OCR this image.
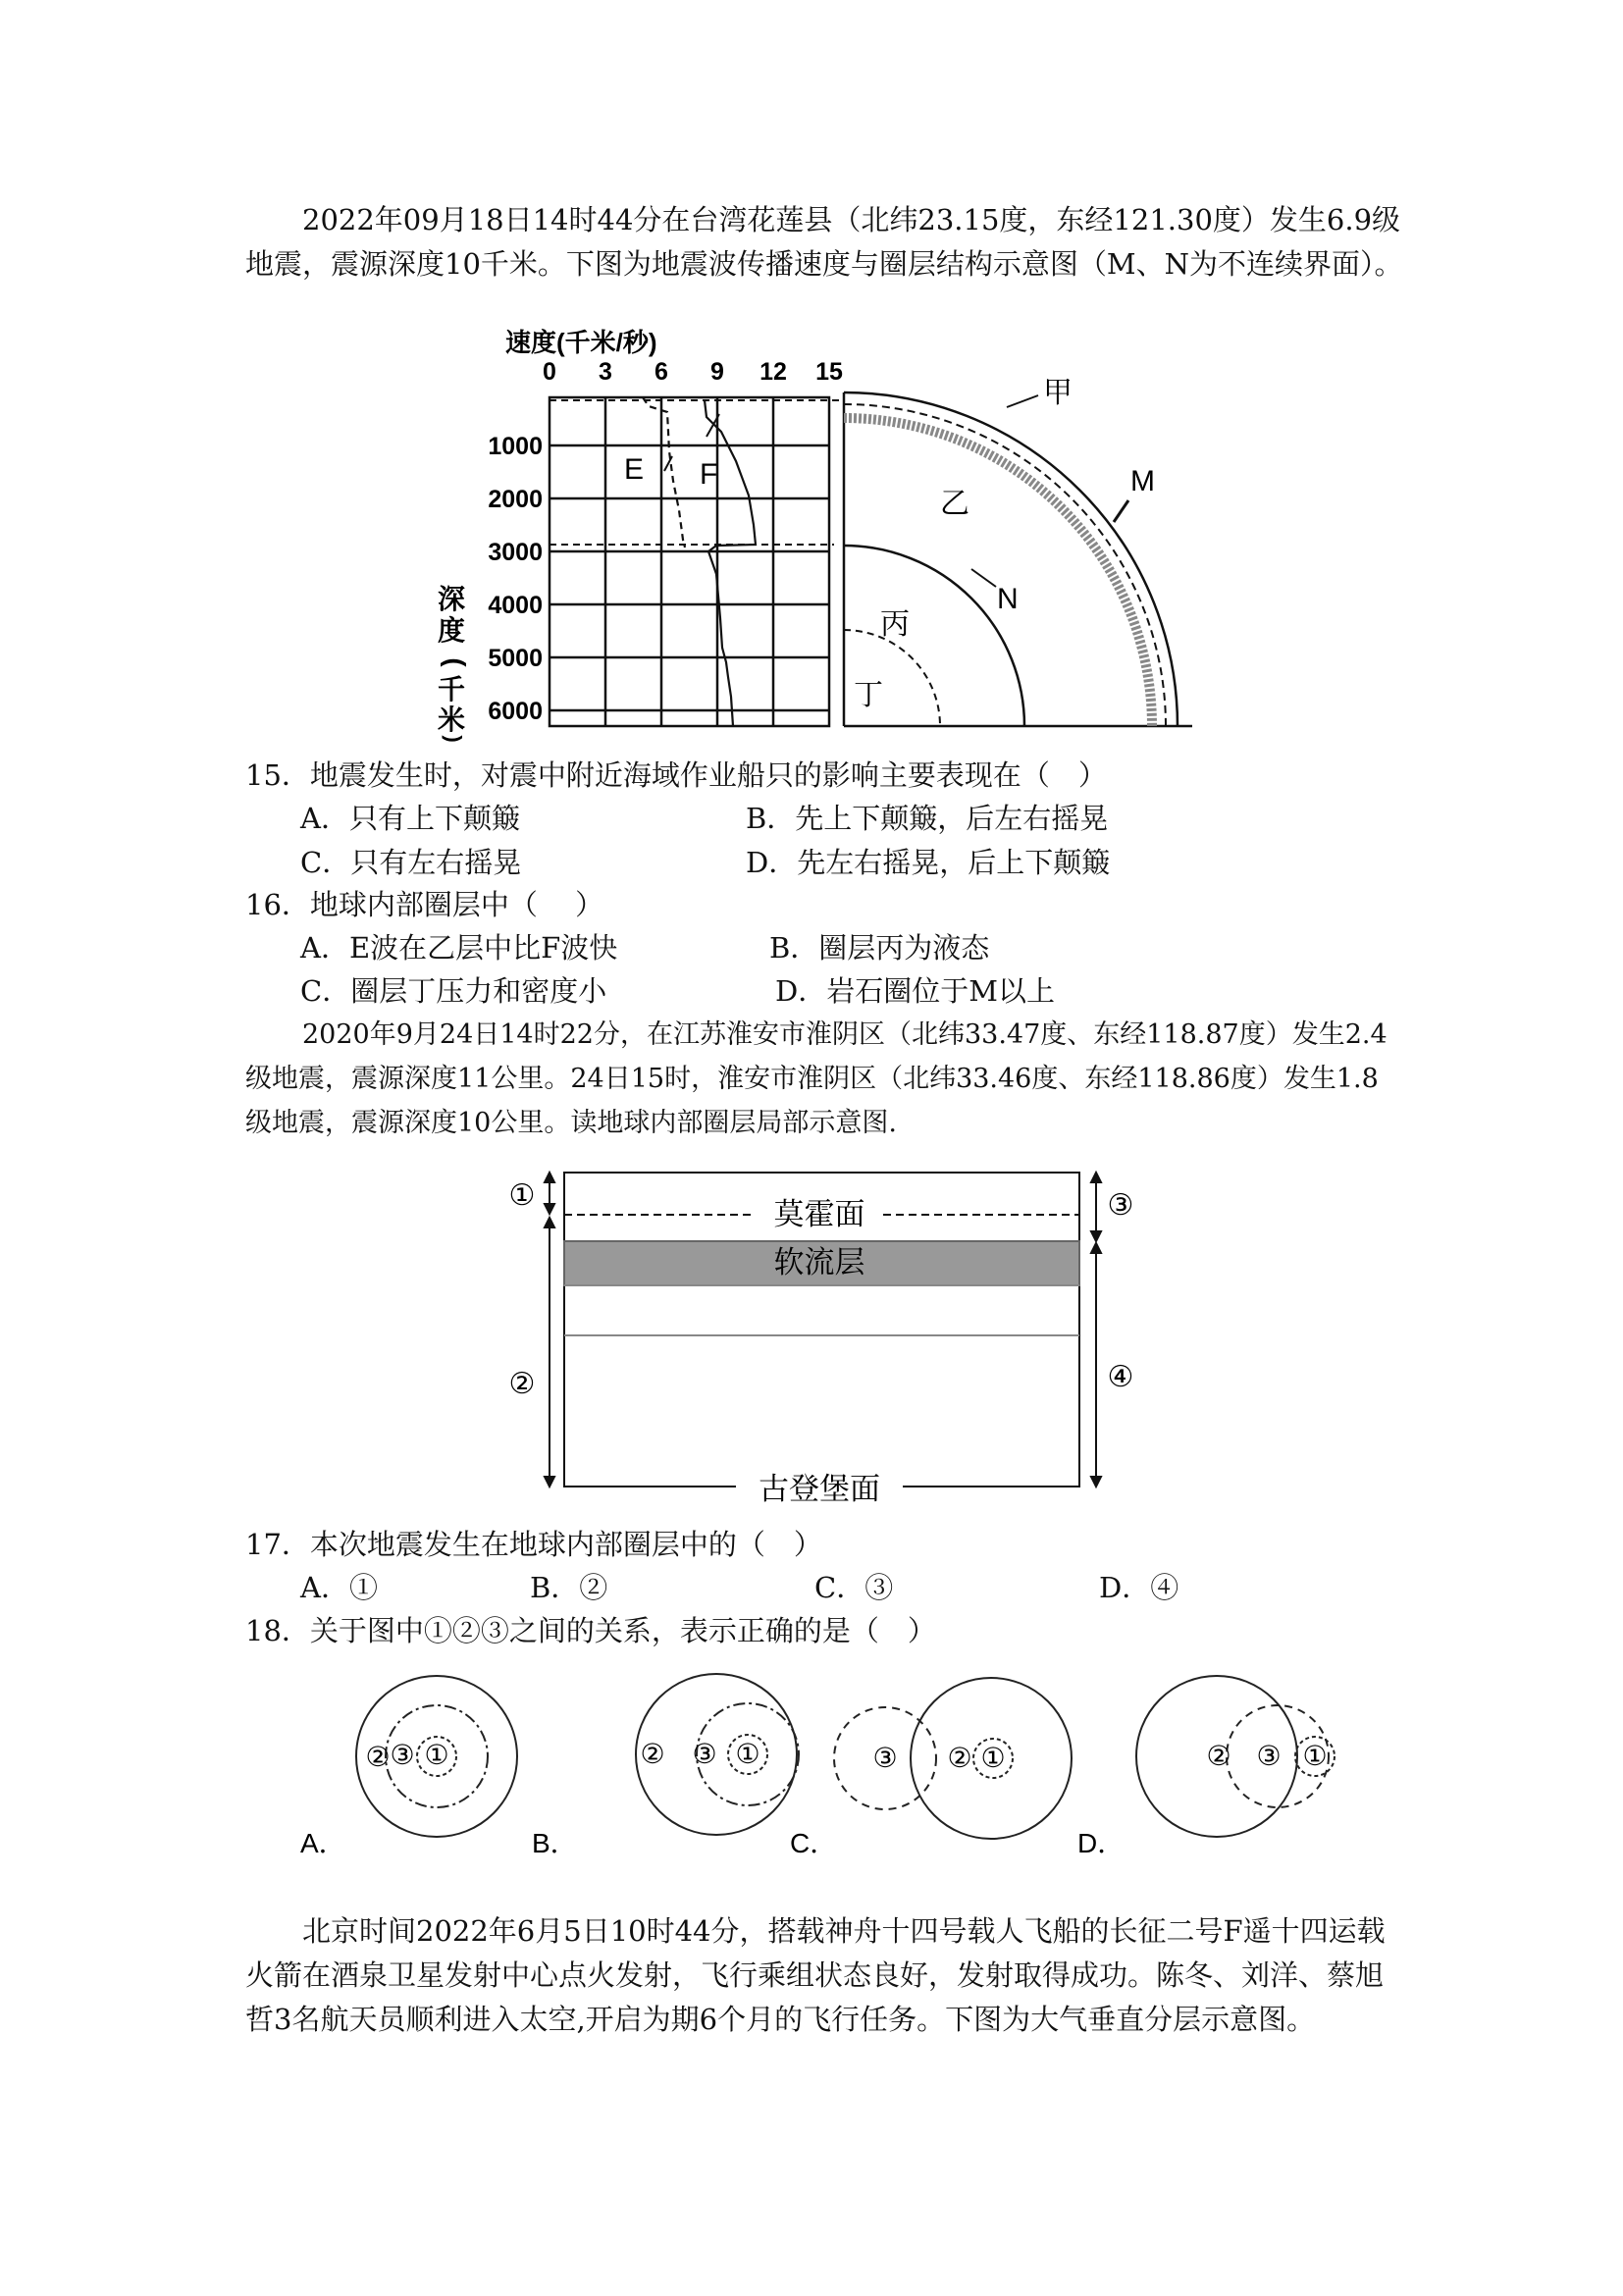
2022年09月18日14时44分在台湾花莲县（北纬23.15度，东经121.30度）发生6.9级地震，震源深度10千米。下图为地震波传播速度与圈层结构示意图（M、N为不连续界面）。
速度(千米/秒)
0 3 6 9 12 15
1000
2000
3000
4000
5000
6000
深
度
(
千
米
)
E F
甲
乙
丙
丁
M
N
15．地震发生时，对震中附近海域作业船只的影响主要表现在（　）
A．只有上下颠簸	B．先上下颠簸，后左右摇晃
C．只有左右摇晃	D．先左右摇晃，后上下颠簸
16．地球内部圈层中（　 ）
A．E波在乙层中比F波快	B．圈层丙为液态
C．圈层丁压力和密度小	D．岩石圈位于M以上
2020年9月24日14时22分，在江苏淮安市淮阴区（北纬33.47度、东经118.87度）发生2.4级地震，震源深度11公里。24日15时，淮安市淮阴区（北纬33.46度、东经118.86度）发生1.8级地震，震源深度10公里。读地球内部圈层局部示意图.
莫霍面
软流层
古登堡面
①
②
③
④
17．本次地震发生在地球内部圈层中的（　）
A．①	B．②	C．③	D．④
18．关于图中①②③之间的关系，表示正确的是（　）
② ③ ①	② ③ ①	③ ② ①	② ③ ①
A．	B．	C．	D．
北京时间2022年6月5日10时44分，搭载神舟十四号载人飞船的长征二号F遥十四运载火箭在酒泉卫星发射中心点火发射，飞行乘组状态良好，发射取得成功。陈冬、刘洋、蔡旭哲3名航天员顺利进入太空,开启为期6个月的飞行任务。下图为大气垂直分层示意图。
